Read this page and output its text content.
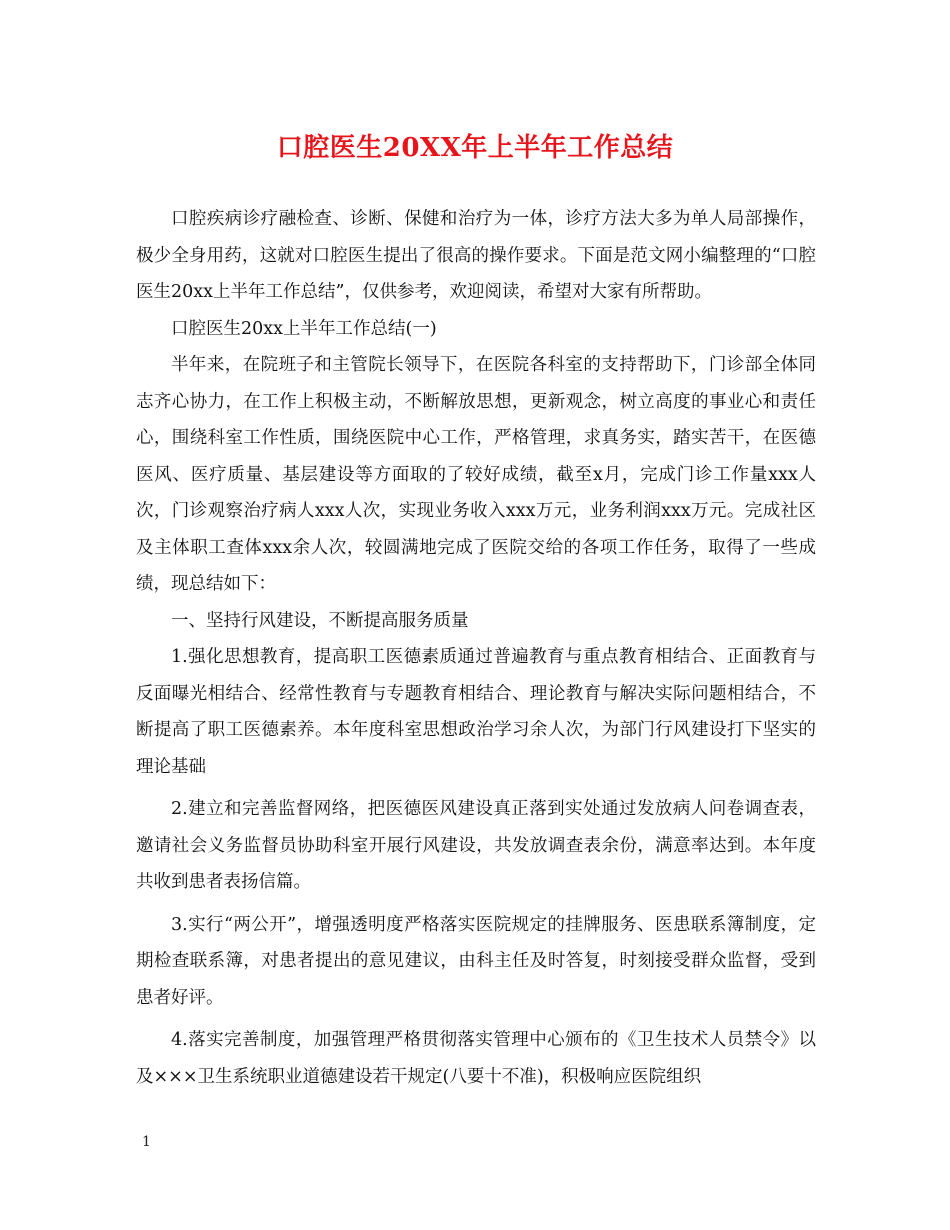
口腔医生20XX年上半年工作总结

口腔疾病诊疗融检查、诊断、保健和治疗为一体，诊疗方法大多为单人局部操作，极少全身用药，这就对口腔医生提出了很高的操作要求。下面是范文网小编整理的“口腔医生20xx上半年工作总结”，仅供参考，欢迎阅读，希望对大家有所帮助。

口腔医生20xx上半年工作总结(一)

半年来，在院班子和主管院长领导下，在医院各科室的支持帮助下，门诊部全体同志齐心协力，在工作上积极主动，不断解放思想，更新观念，树立高度的事业心和责任心，围绕科室工作性质，围绕医院中心工作，严格管理，求真务实，踏实苦干，在医德医风、医疗质量、基层建设等方面取的了较好成绩，截至x月，完成门诊工作量xxx人次，门诊观察治疗病人xxx人次，实现业务收入xxx万元，业务利润xxx万元。完成社区及主体职工查体xxx余人次，较圆满地完成了医院交给的各项工作任务，取得了一些成绩，现总结如下：

一、坚持行风建设，不断提高服务质量

1.强化思想教育，提高职工医德素质通过普遍教育与重点教育相结合、正面教育与反面曝光相结合、经常性教育与专题教育相结合、理论教育与解决实际问题相结合，不断提高了职工医德素养。本年度科室思想政治学习余人次，为部门行风建设打下坚实的理论基础

2.建立和完善监督网络，把医德医风建设真正落到实处通过发放病人问卷调查表，邀请社会义务监督员协助科室开展行风建设，共发放调查表余份，满意率达到。本年度共收到患者表扬信篇。

3.实行“两公开”，增强透明度严格落实医院规定的挂牌服务、医患联系簿制度，定期检查联系簿，对患者提出的意见建议，由科主任及时答复，时刻接受群众监督，受到患者好评。

4.落实完善制度，加强管理严格贯彻落实管理中心颁布的《卫生技术人员禁令》以及×××卫生系统职业道德建设若干规定(八要十不准)，积极响应医院组织

1
